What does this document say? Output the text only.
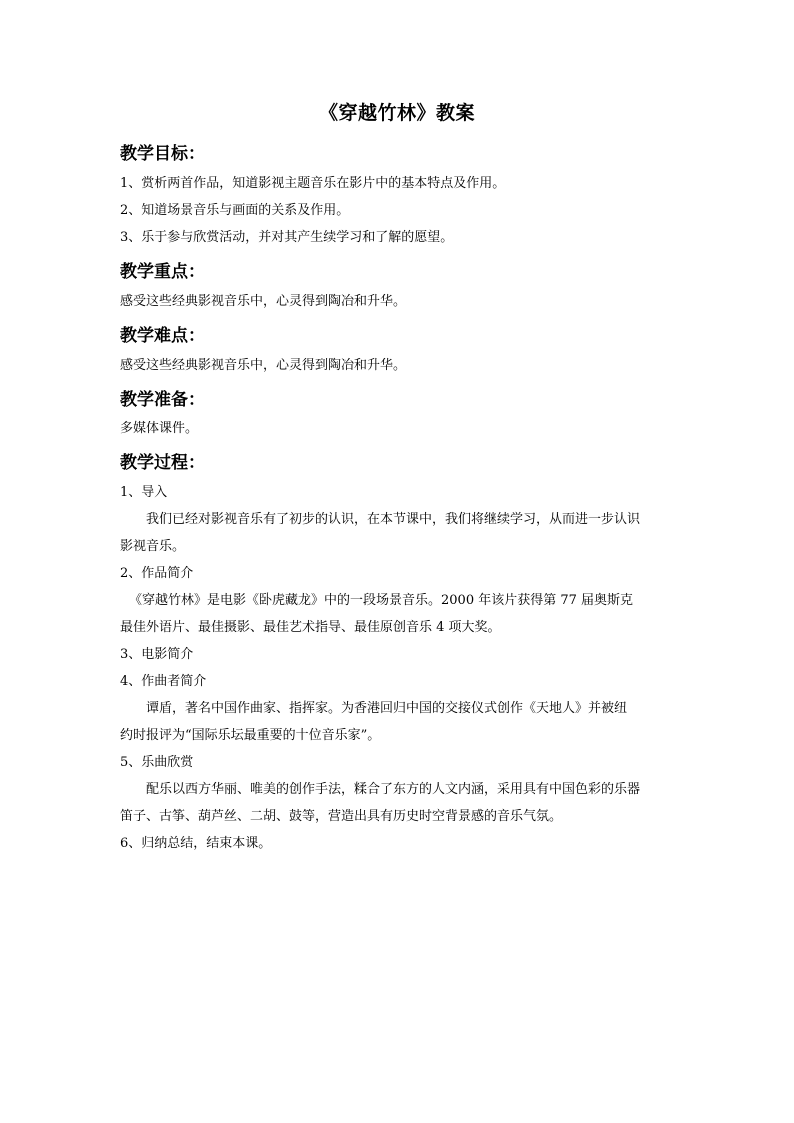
《穿越竹林》教案
教学目标：
1、赏析两首作品，知道影视主题音乐在影片中的基本特点及作用。
2、知道场景音乐与画面的关系及作用。
3、乐于参与欣赏活动，并对其产生续学习和了解的愿望。
教学重点：
感受这些经典影视音乐中，心灵得到陶冶和升华。
教学难点：
感受这些经典影视音乐中，心灵得到陶冶和升华。
教学准备：
多媒体课件。
教学过程：
1、导入
我们已经对影视音乐有了初步的认识，在本节课中，我们将继续学习，从而进一步认识
影视音乐。
2、作品简介
《穿越竹林》是电影《卧虎藏龙》中的一段场景音乐。2000 年该片获得第 77 届奥斯克
最佳外语片、最佳摄影、最佳艺术指导、最佳原创音乐 4 项大奖。
3、电影简介
4、作曲者简介
谭盾，著名中国作曲家、指挥家。为香港回归中国的交接仪式创作《天地人》并被纽
约时报评为“国际乐坛最重要的十位音乐家”。
5、乐曲欣赏
配乐以西方华丽、唯美的创作手法，糅合了东方的人文内涵，采用具有中国色彩的乐器
笛子、古筝、葫芦丝、二胡、鼓等，营造出具有历史时空背景感的音乐气氛。
6、归纳总结，结束本课。
